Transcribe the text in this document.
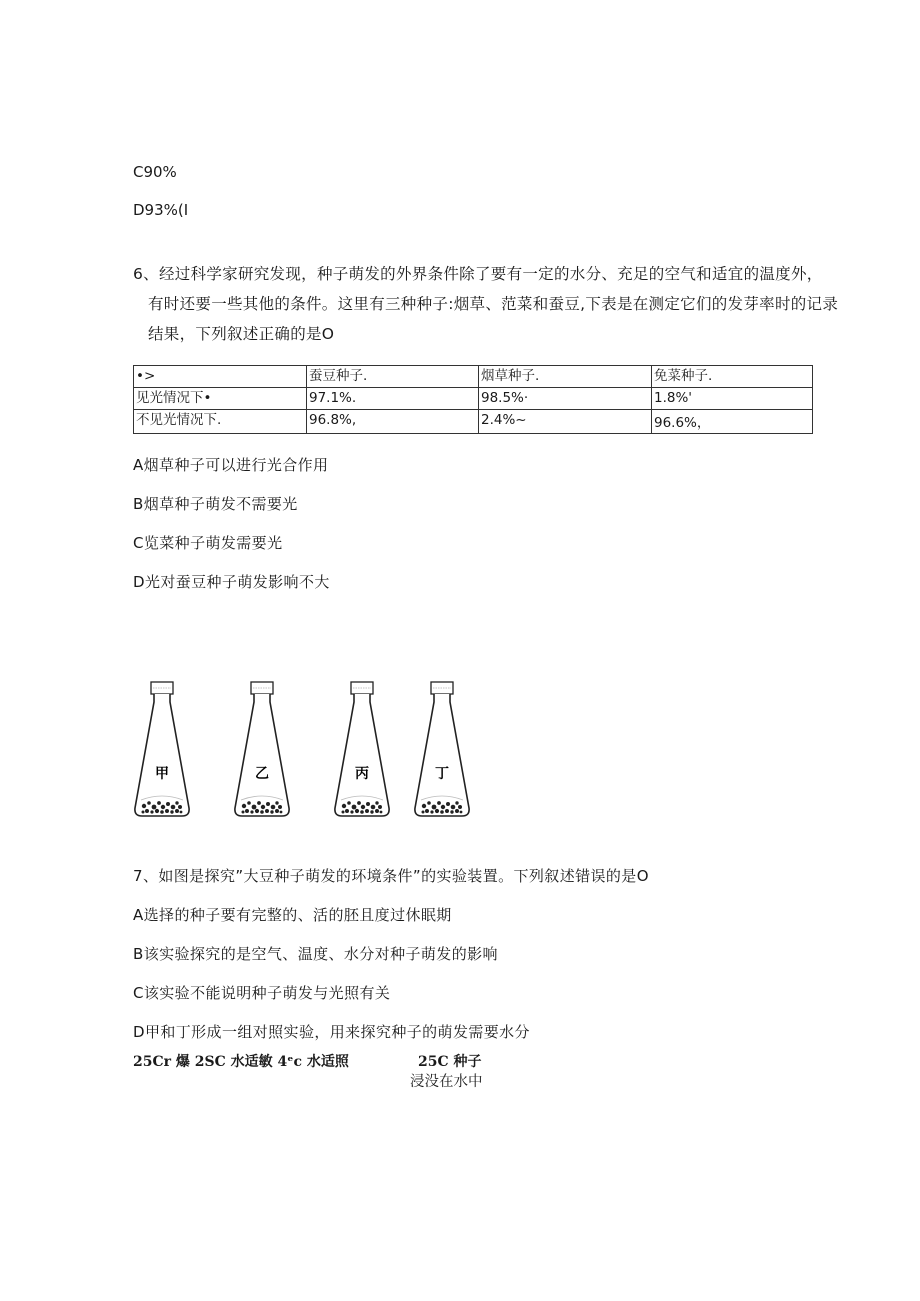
C90%
D93%(I
6、经过科学家研究发现，种子萌发的外界条件除了要有一定的水分、充足的空气和适宜的温度外，
有时还要一些其他的条件。这里有三种种子:烟草、范菜和蚕豆,下表是在测定它们的发芽率时的记录
结果，下列叙述正确的是O
•>	蚕豆种子.	烟草种子.	免菜种子.
见光情况下•	97.1%.	98.5%·	1.8%'
不见光情况下.	96.8%,	2.4%~	96.6%，
A烟草种子可以进行光合作用
B烟草种子萌发不需要光
C览菜种子萌发需要光
D光对蚕豆种子萌发影响不大
甲	乙	丙	丁
7、如图是探究”大豆种子萌发的环境条件”的实验装置。下列叙述错误的是O
A选择的种子要有完整的、活的胚且度过休眠期
B该实验探究的是空气、温度、水分对种子萌发的影响
C该实验不能说明种子萌发与光照有关
D甲和丁形成一组对照实验，用来探究种子的萌发需要水分
25Cr 爆 2SC 水适敏 4ᵉc 水适照	25C 种子
浸没在水中
